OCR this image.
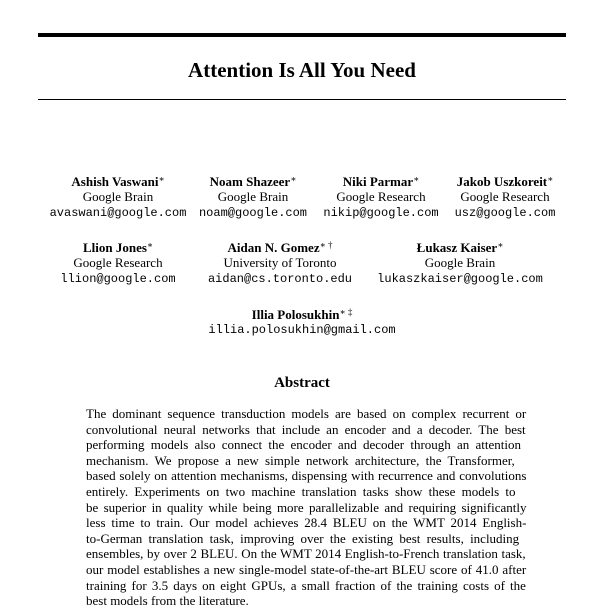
Attention Is All You Need
Ashish Vaswani∗
Google Brain
avaswani@google.com
Noam Shazeer∗
Google Brain
noam@google.com
Niki Parmar∗
Google Research
nikip@google.com
Jakob Uszkoreit∗
Google Research
usz@google.com
Llion Jones∗
Google Research
llion@google.com
Aidan N. Gomez∗ †
University of Toronto
aidan@cs.toronto.edu
Łukasz Kaiser∗
Google Brain
lukaszkaiser@google.com
Illia Polosukhin∗ ‡
illia.polosukhin@gmail.com
Abstract
The dominant sequence transduction models are based on complex recurrent or
convolutional neural networks that include an encoder and a decoder. The best
performing models also connect the encoder and decoder through an attention
mechanism. We propose a new simple network architecture, the Transformer,
based solely on attention mechanisms, dispensing with recurrence and convolutions
entirely. Experiments on two machine translation tasks show these models to
be superior in quality while being more parallelizable and requiring significantly
less time to train. Our model achieves 28.4 BLEU on the WMT 2014 English-
to-German translation task, improving over the existing best results, including
ensembles, by over 2 BLEU. On the WMT 2014 English-to-French translation task,
our model establishes a new single-model state-of-the-art BLEU score of 41.0 after
training for 3.5 days on eight GPUs, a small fraction of the training costs of the
best models from the literature.
